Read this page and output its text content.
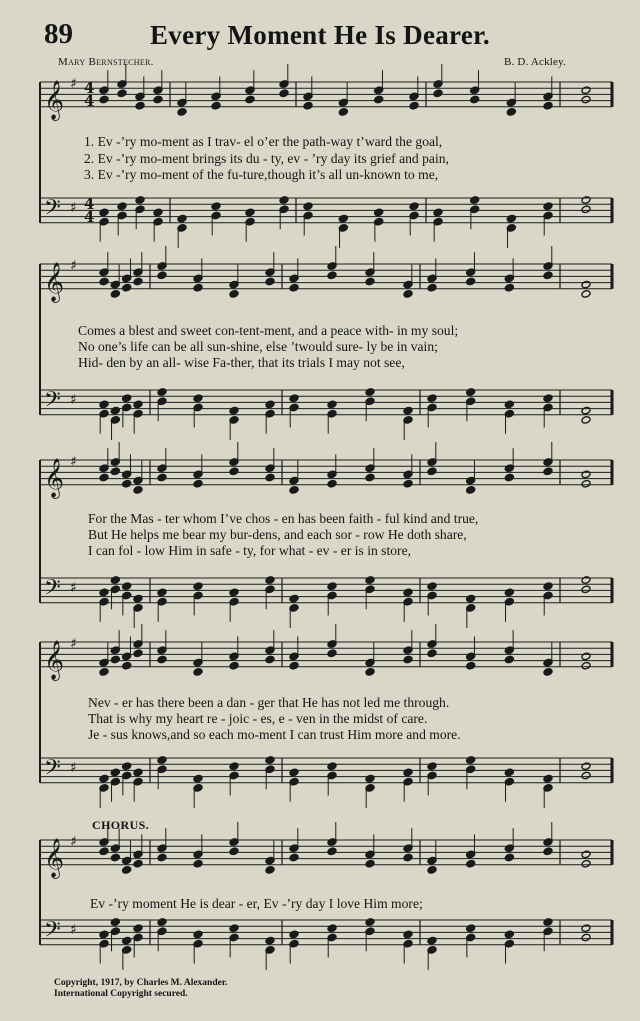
89	Every Moment He Is Dearer.
Mary Bernstecher.	B. D. Ackley.
𝄞 ♯ 4
4
𝄢 ♯ 4
4
𝄞 ♯
𝄢 ♯
𝄞 ♯
𝄢 ♯
𝄞 ♯
𝄢 ♯
𝄞 ♯
𝄢 ♯
1. Ev -’ry mo-ment as I trav- el o’er the path-way t’ward the goal,
2. Ev -’ry mo-ment brings its du - ty, ev - ’ry day its grief and pain,
3. Ev -’ry mo-ment of the fu-ture,though it’s all un-known to me,
Comes a blest and sweet con-tent-ment, and a peace with- in my soul;
No one’s life can be all sun-shine, else ’twould sure- ly be in vain;
Hid- den by an all- wise Fa-ther, that its trials I may not see,
For the Mas - ter whom I’ve chos - en has been faith - ful kind and true,
But He helps me bear my bur-dens, and each sor - row He doth share,
I can fol - low Him in safe - ty, for what - ev - er is in store,
Nev - er has there been a dan - ger that He has not led me through.
That is why my heart re - joic - es, e - ven in the midst of care.
Je - sus knows,and so each mo-ment I can trust Him more and more.
CHORUS.
Ev -’ry moment He is dear - er, Ev -’ry day I love Him more;
Copyright, 1917, by Charles M. Alexander.
International Copyright secured.
